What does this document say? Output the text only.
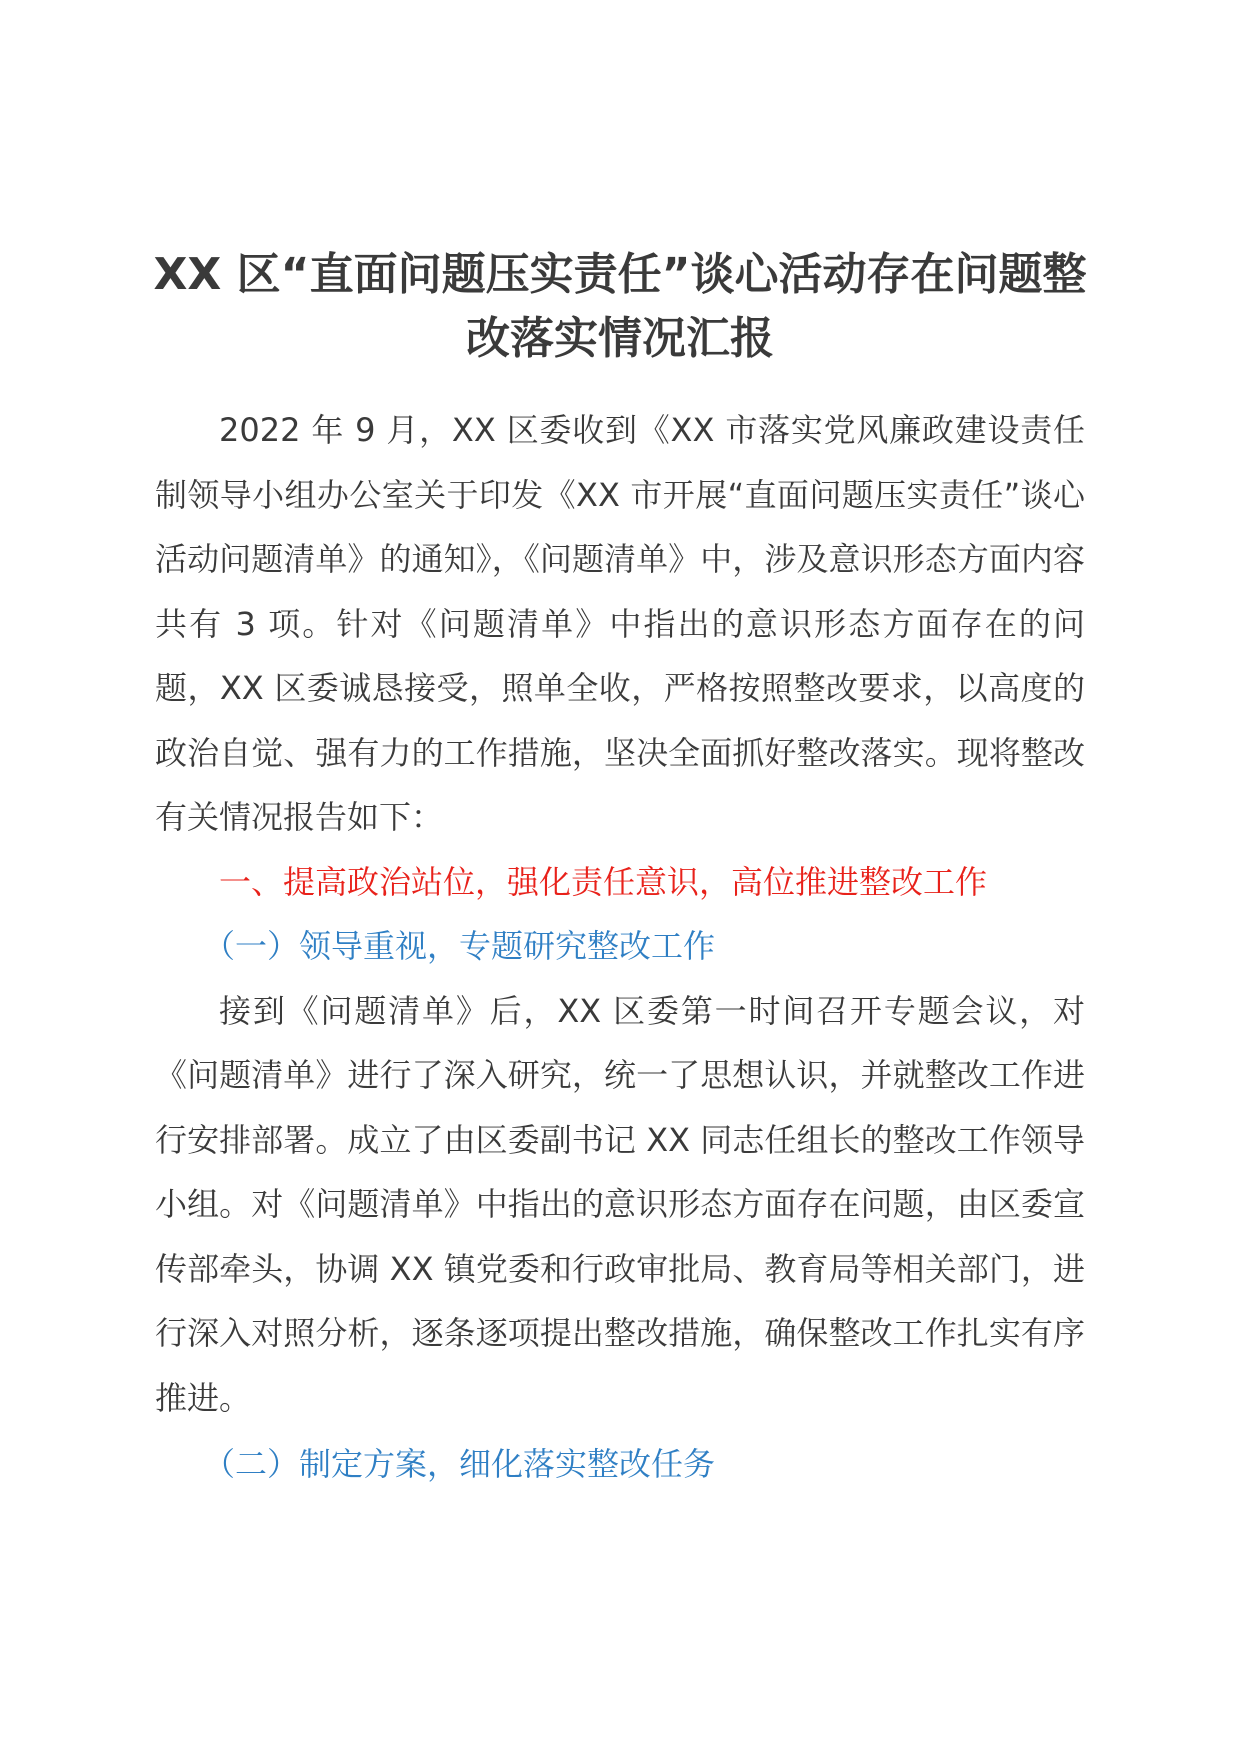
XX 区“直面问题压实责任”谈心活动存在问题整改落实情况汇报

2022 年 9 月，XX 区委收到《XX 市落实党风廉政建设责任制领导小组办公室关于印发《XX 市开展“直面问题压实责任”谈心活动问题清单》的通知》，《问题清单》中，涉及意识形态方面内容共有 3 项。针对《问题清单》中指出的意识形态方面存在的问题，XX 区委诚恳接受，照单全收，严格按照整改要求，以高度的政治自觉、强有力的工作措施，坚决全面抓好整改落实。现将整改有关情况报告如下：

一、提高政治站位，强化责任意识，高位推进整改工作

（一）领导重视，专题研究整改工作

接到《问题清单》后，XX 区委第一时间召开专题会议，对《问题清单》进行了深入研究，统一了思想认识，并就整改工作进行安排部署。成立了由区委副书记 XX 同志任组长的整改工作领导小组。对《问题清单》中指出的意识形态方面存在问题，由区委宣传部牵头，协调 XX 镇党委和行政审批局、教育局等相关部门，进行深入对照分析，逐条逐项提出整改措施，确保整改工作扎实有序推进。

（二）制定方案，细化落实整改任务
